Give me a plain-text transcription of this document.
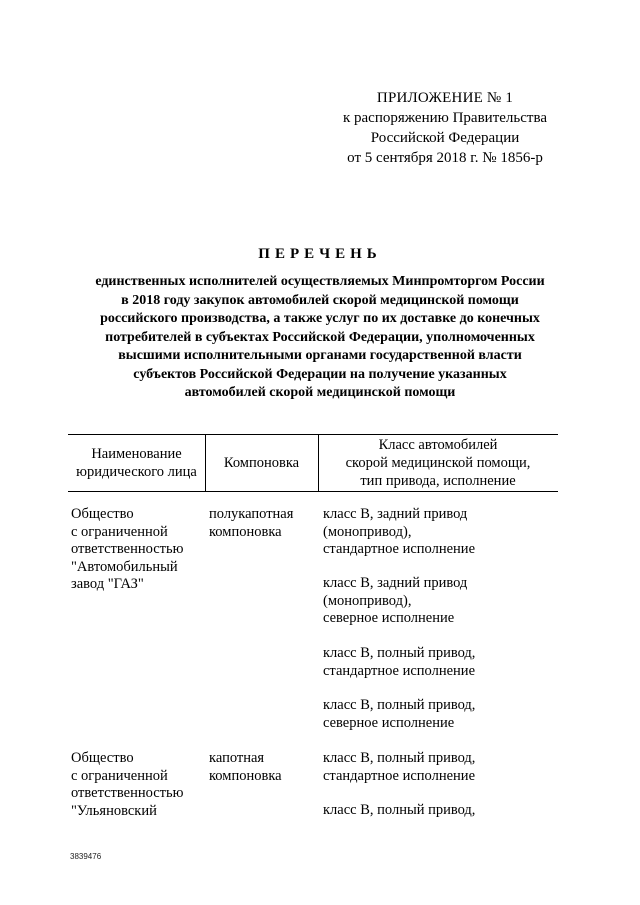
ПРИЛОЖЕНИЕ № 1
к распоряжению Правительства
Российской Федерации
от 5 сентября 2018 г. № 1856-р
ПЕРЕЧЕНЬ
единственных исполнителей осуществляемых Минпромторгом России
в 2018 году закупок автомобилей скорой медицинской помощи
российского производства, а также услуг по их доставке до конечных
потребителей в субъектах Российской Федерации, уполномоченных
высшими исполнительными органами государственной власти
субъектов Российской Федерации на получение указанных
автомобилей скорой медицинской помощи
Наименование
юридического лица
Компоновка
Класс автомобилей
скорой медицинской помощи,
тип привода, исполнение
Общество
с ограниченной
ответственностью
"Автомобильный
завод "ГАЗ"
полукапотная
компоновка
класс В, задний привод
(монопривод),
стандартное исполнение
класс В, задний привод
(монопривод),
северное исполнение
класс В, полный привод,
стандартное исполнение
класс В, полный привод,
северное исполнение
Общество
с ограниченной
ответственностью
"Ульяновский
капотная
компоновка
класс В, полный привод,
стандартное исполнение
класс В, полный привод,
3839476
